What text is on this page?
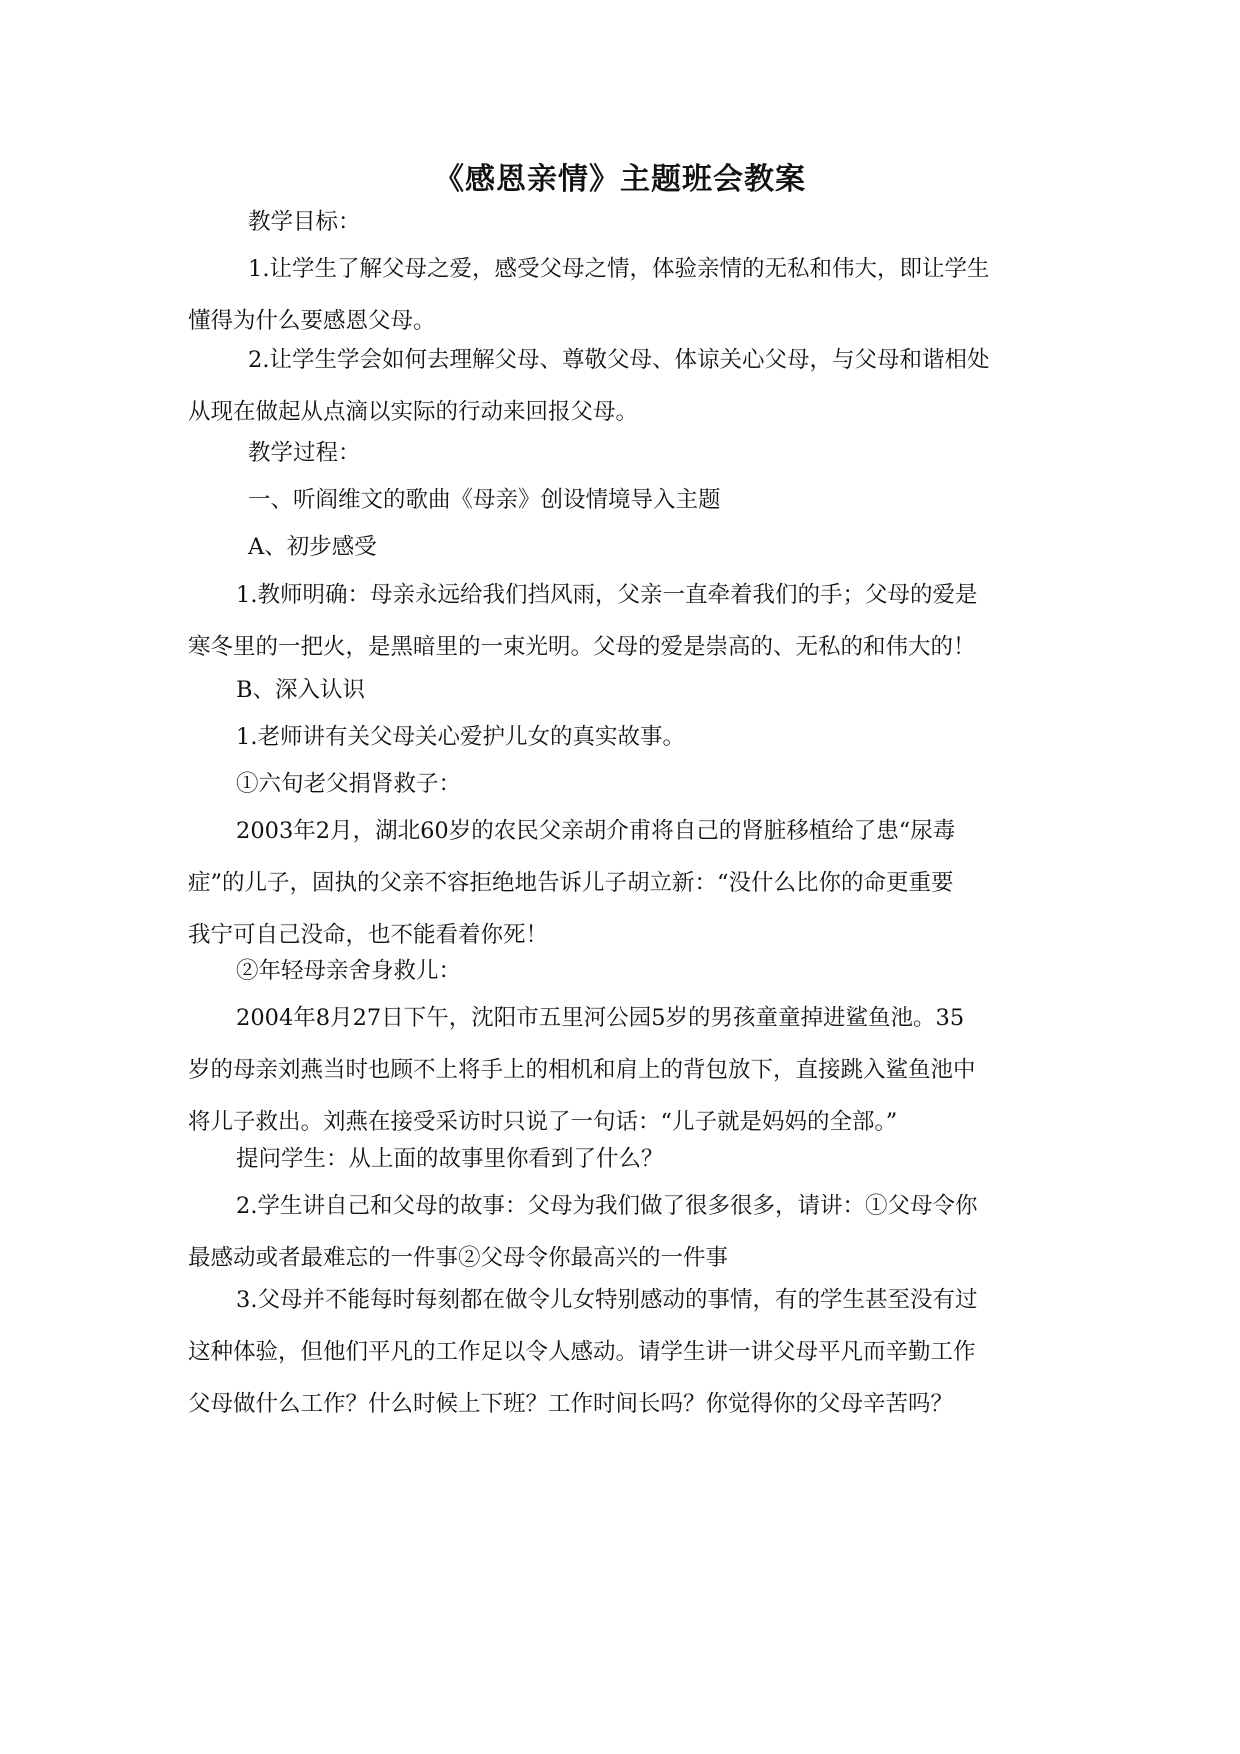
《感恩亲情》主题班会教案
教学目标：
1.让学生了解父母之爱，感受父母之情，体验亲情的无私和伟大，即让学生
懂得为什么要感恩父母。
2.让学生学会如何去理解父母、尊敬父母、体谅关心父母，与父母和谐相处
从现在做起从点滴以实际的行动来回报父母。
教学过程：
一、听阎维文的歌曲《母亲》创设情境导入主题
A、初步感受
1.教师明确：母亲永远给我们挡风雨，父亲一直牵着我们的手；父母的爱是
寒冬里的一把火，是黑暗里的一束光明。父母的爱是崇高的、无私的和伟大的！
B、深入认识
1.老师讲有关父母关心爱护儿女的真实故事。
①六旬老父捐肾救子：
2003年2月，湖北60岁的农民父亲胡介甫将自己的肾脏移植给了患“尿毒
症”的儿子，固执的父亲不容拒绝地告诉儿子胡立新：“没什么比你的命更重要
我宁可自己没命，也不能看着你死！
②年轻母亲舍身救儿：
2004年8月27日下午，沈阳市五里河公园5岁的男孩童童掉进鲨鱼池。35
岁的母亲刘燕当时也顾不上将手上的相机和肩上的背包放下，直接跳入鲨鱼池中
将儿子救出。刘燕在接受采访时只说了一句话：“儿子就是妈妈的全部。”
提问学生：从上面的故事里你看到了什么？
2.学生讲自己和父母的故事：父母为我们做了很多很多，请讲：①父母令你
最感动或者最难忘的一件事②父母令你最高兴的一件事
3.父母并不能每时每刻都在做令儿女特别感动的事情，有的学生甚至没有过
这种体验，但他们平凡的工作足以令人感动。请学生讲一讲父母平凡而辛勤工作
父母做什么工作？什么时候上下班？工作时间长吗？你觉得你的父母辛苦吗？
